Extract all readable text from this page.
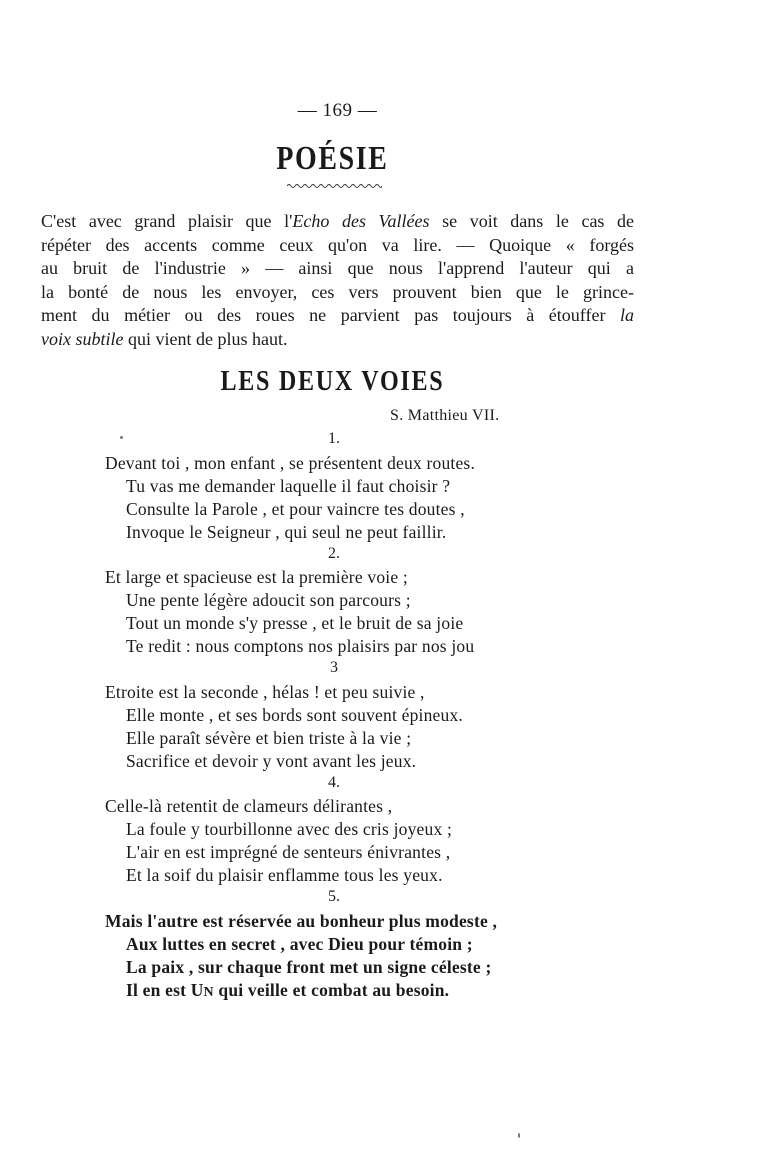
— 169 —
POÉSIE
C'est avec grand plaisir que l'Echo des Vallées se voit dans le cas de
répéter des accents comme ceux qu'on va lire. — Quoique « forgés
au bruit de l'industrie » — ainsi que nous l'apprend l'auteur qui a
la bonté de nous les envoyer, ces vers prouvent bien que le grince-
ment du métier ou des roues ne parvient pas toujours à étouffer la
voix subtile qui vient de plus haut.
LES DEUX VOIES
S. Matthieu VII.
1.
Devant toi , mon enfant , se présentent deux routes.
Tu vas me demander laquelle il faut choisir ?
Consulte la Parole , et pour vaincre tes doutes ,
Invoque le Seigneur , qui seul ne peut faillir.
2.
Et large et spacieuse est la première voie ;
Une pente légère adoucit son parcours ;
Tout un monde s'y presse , et le bruit de sa joie
Te redit : nous comptons nos plaisirs par nos jou
3
Etroite est la seconde , hélas ! et peu suivie ,
Elle monte , et ses bords sont souvent épineux.
Elle paraît sévère et bien triste à la vie ;
Sacrifice et devoir y vont avant les jeux.
4.
Celle-là retentit de clameurs délirantes ,
La foule y tourbillonne avec des cris joyeux ;
L'air en est imprégné de senteurs énivrantes ,
Et la soif du plaisir enflamme tous les yeux.
5.
Mais l'autre est réservée au bonheur plus modeste ,
Aux luttes en secret , avec Dieu pour témoin ;
La paix , sur chaque front met un signe céleste ;
Il en est UN qui veille et combat au besoin.
